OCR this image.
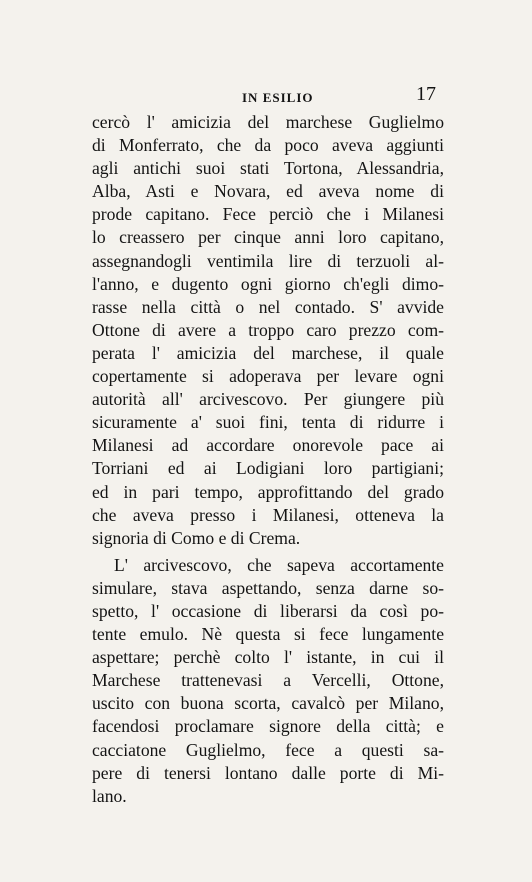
IN ESILIO	17
cercò l' amicizia del marchese Guglielmo
di Monferrato, che da poco aveva aggiunti
agli antichi suoi stati Tortona, Alessandria,
Alba, Asti e Novara, ed aveva nome di
prode capitano. Fece perciò che i Milanesi
lo creassero per cinque anni loro capitano,
assegnandogli ventimila lire di terzuoli al-
l'anno, e dugento ogni giorno ch'egli dimo-
rasse nella città o nel contado. S' avvide
Ottone di avere a troppo caro prezzo com-
perata l' amicizia del marchese, il quale
copertamente si adoperava per levare ogni
autorità all' arcivescovo. Per giungere più
sicuramente a' suoi fini, tenta di ridurre i
Milanesi ad accordare onorevole pace ai
Torriani ed ai Lodigiani loro partigiani;
ed in pari tempo, approfittando del grado
che aveva presso i Milanesi, otteneva la
signoria di Como e di Crema.
L' arcivescovo, che sapeva accortamente
simulare, stava aspettando, senza darne so-
spetto, l' occasione di liberarsi da così po-
tente emulo. Nè questa si fece lungamente
aspettare; perchè colto l' istante, in cui il
Marchese trattenevasi a Vercelli, Ottone,
uscito con buona scorta, cavalcò per Milano,
facendosi proclamare signore della città; e
cacciatone Guglielmo, fece a questi sa-
pere di tenersi lontano dalle porte di Mi-
lano.
